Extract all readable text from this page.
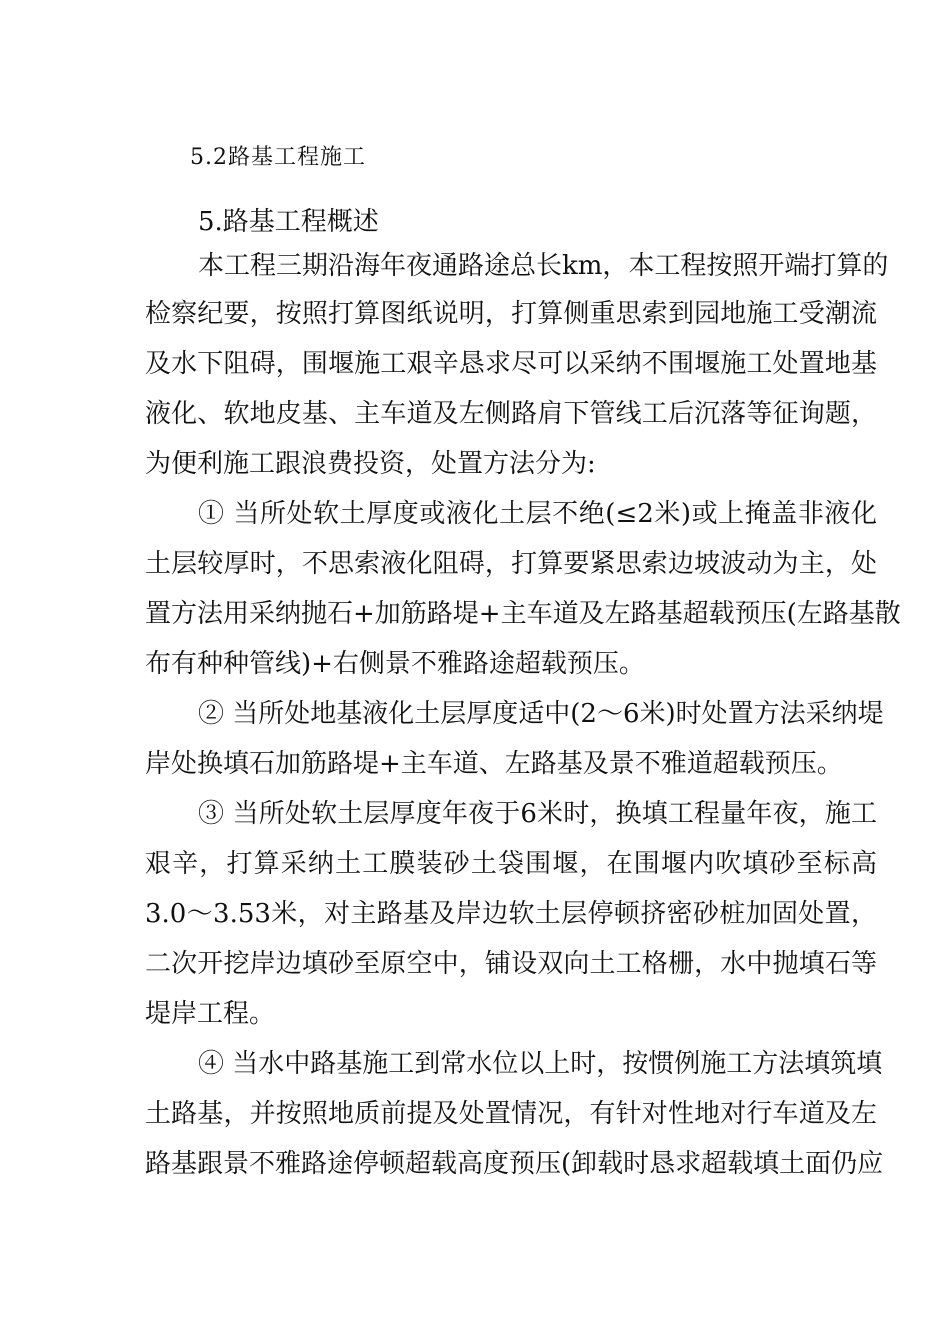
5.2路基工程施工
5.路基工程概述
本工程三期沿海年夜通路途总长km，本工程按照开端打算的
检察纪要，按照打算图纸说明，打算侧重思索到园地施工受潮流
及水下阻碍，围堰施工艰辛恳求尽可以采纳不围堰施工处置地基
液化、软地皮基、主车道及左侧路肩下管线工后沉落等征询题，
为便利施工跟浪费投资，处置方法分为:
① 当所处软土厚度或液化土层不绝(≤2米)或上掩盖非液化
土层较厚时，不思索液化阻碍，打算要紧思索边坡波动为主，处
置方法用采纳抛石+加筋路堤+主车道及左路基超载预压(左路基散
布有种种管线)+右侧景不雅路途超载预压。
② 当所处地基液化土层厚度适中(2～6米)时处置方法采纳堤
岸处换填石加筋路堤+主车道、左路基及景不雅道超载预压。
③ 当所处软土层厚度年夜于6米时，换填工程量年夜，施工
艰辛，打算采纳土工膜装砂土袋围堰，在围堰内吹填砂至标高
3.0～3.53米，对主路基及岸边软土层停顿挤密砂桩加固处置，
二次开挖岸边填砂至原空中，铺设双向土工格栅，水中抛填石等
堤岸工程。
④ 当水中路基施工到常水位以上时，按惯例施工方法填筑填
土路基，并按照地质前提及处置情况，有针对性地对行车道及左
路基跟景不雅路途停顿超载高度预压(卸载时恳求超载填土面仍应
